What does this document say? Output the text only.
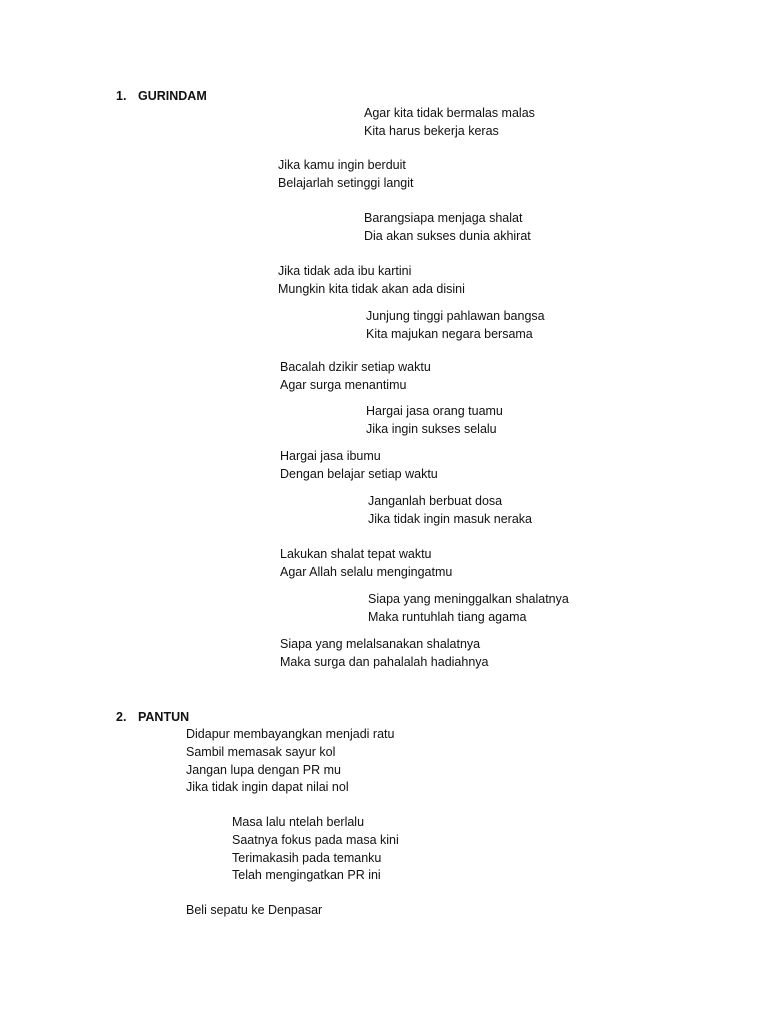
1. GURINDAM
Agar kita tidak bermalas malas
Kita harus bekerja keras
Jika kamu ingin berduit
Belajarlah setinggi langit
Barangsiapa menjaga shalat
Dia akan sukses dunia akhirat
Jika tidak ada ibu kartini
Mungkin kita tidak akan ada disini
Junjung tinggi pahlawan bangsa
Kita majukan negara bersama
Bacalah dzikir setiap waktu
Agar surga menantimu
Hargai jasa orang tuamu
Jika ingin sukses selalu
Hargai jasa ibumu
Dengan belajar setiap waktu
Janganlah berbuat dosa
Jika tidak ingin masuk neraka
Lakukan shalat tepat waktu
Agar Allah selalu mengingatmu
Siapa yang meninggalkan shalatnya
Maka runtuhlah tiang agama
Siapa yang melalsanakan shalatnya
Maka surga dan pahalalah hadiahnya
2. PANTUN
Didapur membayangkan menjadi ratu
Sambil memasak sayur kol
Jangan lupa dengan PR mu
Jika tidak ingin dapat nilai nol
Masa lalu ntelah berlalu
Saatnya fokus pada masa kini
Terimakasih pada temanku
Telah mengingatkan PR ini
Beli sepatu ke Denpasar
